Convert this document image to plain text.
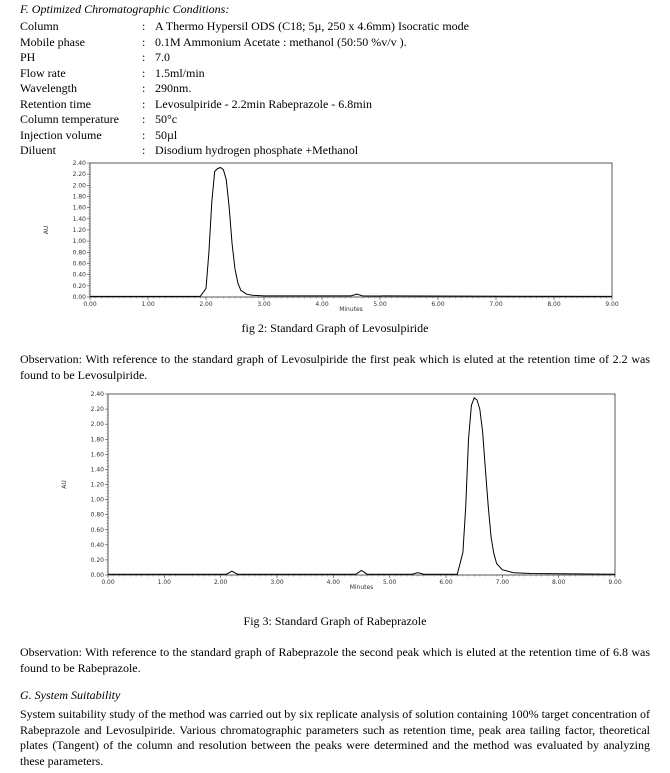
F. Optimized Chromatographic Conditions:
Column	: A Thermo Hypersil ODS (C18; 5µ, 250 x 4.6mm) Isocratic mode
Mobile phase	: 0.1M Ammonium Acetate : methanol (50:50 %v/v ).
PH	: 7.0
Flow rate	: 1.5ml/min
Wavelength	: 290nm.
Retention time	: Levosulpiride - 2.2min Rabeprazole - 6.8min
Column temperature	: 50°c
Injection volume	: 50µl
Diluent	: Disodium hydrogen phosphate +Methanol
0.00
0.20
0.40
0.60
0.80
1.00
1.20
1.40
1.60
1.80
2.00
2.20
2.40
0.00	1.00	2.00	3.00	4.00	5.00	6.00	7.00	8.00	9.00
Minutes
AU
0.00
0.20
0.40
0.60
0.80
1.00
1.20
1.40
1.60
1.80
2.00
2.20
2.40
0.00	1.00	2.00	3.00	4.00	5.00	6.00	7.00	8.00	9.00
Minutes
AU
fig 2: Standard Graph of Levosulpiride
Observation: With reference to the standard graph of Levosulpiride the first peak which is eluted at the retention time of 2.2 was found to be Levosulpiride.
Fig 3: Standard Graph of Rabeprazole
Observation: With reference to the standard graph of Rabeprazole the second peak which is eluted at the retention time of 6.8 was found to be Rabeprazole.
G. System Suitability
System suitability study of the method was carried out by six replicate analysis of solution containing 100% target concentration of Rabeprazole and Levosulpiride. Various chromatographic parameters such as retention time, peak area tailing factor, theoretical plates (Tangent) of the column and resolution between the peaks were determined and the method was evaluated by analyzing these parameters.
